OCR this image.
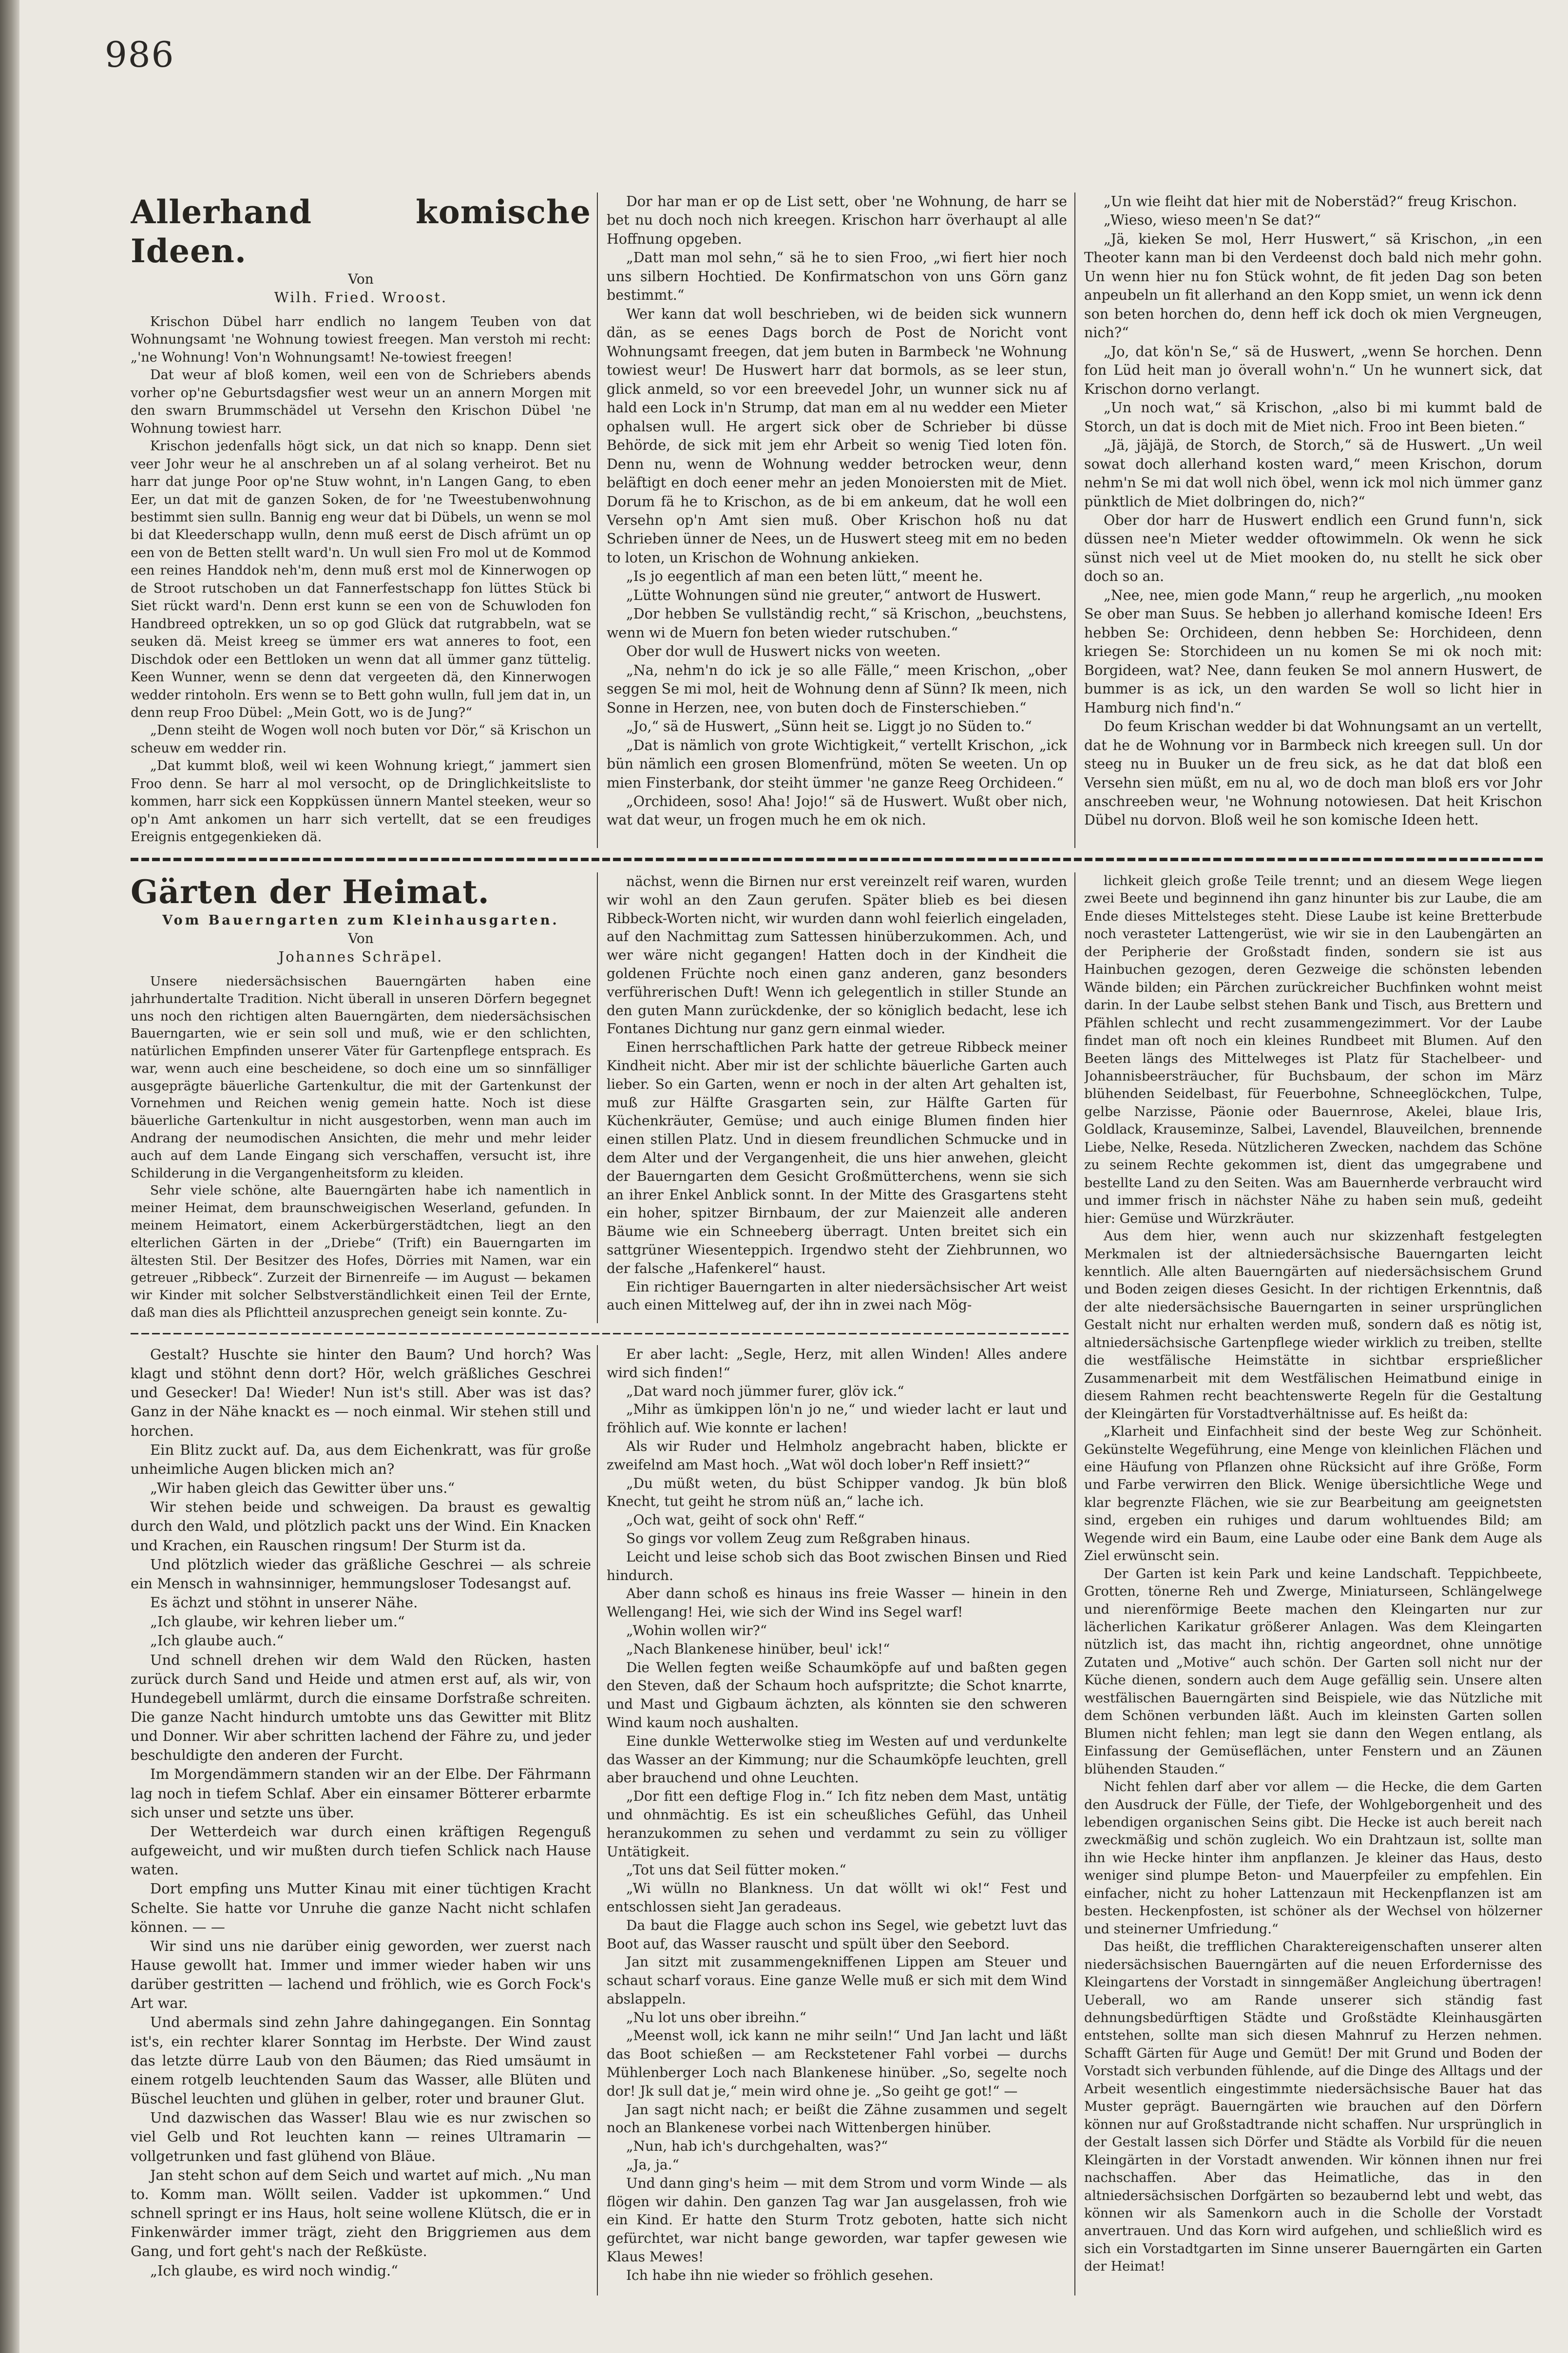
986

Allerhand komische Ideen.

Von

Wilh. Fried. Wroost.

Krischon Dübel harr endlich no langem Teuben von dat Wohnungsamt 'ne Wohnung towiest freegen. Man verstoh mi recht: „'ne Wohnung! Von'n Wohnungsamt! Ne-towiest freegen!

Dat weur af bloß komen, weil een von de Schriebers abends vorher op'ne Geburtsdagsfier west weur un an annern Morgen mit den swarn Brummschädel ut Versehn den Krischon Dübel 'ne Wohnung towiest harr.

Krischon jedenfalls högt sick, un dat nich so knapp. Denn siet veer Johr weur he al anschreben un af al solang verheirot. Bet nu harr dat junge Poor op'ne Stuw wohnt, in'n Langen Gang, to eben Eer, un dat mit de ganzen Soken, de for 'ne Tweestubenwohnung bestimmt sien sulln. Bannig eng weur dat bi Dübels, un wenn se mol bi dat Kleederschapp wulln, denn muß eerst de Disch afrümt un op een von de Betten stellt ward'n. Un wull sien Fro mol ut de Kommod een reines Handdok neh'm, denn muß erst mol de Kinnerwogen op de Stroot rutschoben un dat Fannerfestschapp fon lüttes Stück bi Siet rückt ward'n. Denn erst kunn se een von de Schuwloden fon Handbreed optrekken, un so op god Glück dat rutgrabbeln, wat se seuken dä. Meist kreeg se ümmer ers wat anneres to foot, een Dischdok oder een Bettloken un wenn dat all ümmer ganz tüttelig. Keen Wunner, wenn se denn dat vergeeten dä, den Kinnerwogen wedder rintoholn. Ers wenn se to Bett gohn wulln, full jem dat in, un denn reup Froo Dübel: „Mein Gott, wo is de Jung?“

„Denn steiht de Wogen woll noch buten vor Dör,“ sä Krischon un scheuw em wedder rin.

„Dat kummt bloß, weil wi keen Wohnung kriegt,“ jammert sien Froo denn. Se harr al mol versocht, op de Dringlichkeitsliste to kommen, harr sick een Koppküssen ünnern Mantel steeken, weur so op'n Amt ankomen un harr sich vertellt, dat se een freudiges Ereignis entgegenkieken dä.

Dor har man er op de List sett, ober 'ne Wohnung, de harr se bet nu doch noch nich kreegen. Krischon harr överhaupt al alle Hoffnung opgeben.

„Datt man mol sehn,“ sä he to sien Froo, „wi fiert hier noch uns silbern Hochtied. De Konfirmatschon von uns Görn ganz bestimmt.“

Wer kann dat woll beschrieben, wi de beiden sick wunnern dän, as se eenes Dags borch de Post de Noricht vont Wohnungsamt freegen, dat jem buten in Barmbeck 'ne Wohnung towiest weur! De Huswert harr dat bormols, as se leer stun, glick anmeld, so vor een breevedel Johr, un wunner sick nu af hald een Lock in'n Strump, dat man em al nu wedder een Mieter ophalsen wull. He argert sick ober de Schrieber bi düsse Behörde, de sick mit jem ehr Arbeit so wenig Tied loten fön. Denn nu, wenn de Wohnung wedder betrocken weur, denn beläftigt en doch eener mehr an jeden Monoiersten mit de Miet. Dorum fä he to Krischon, as de bi em ankeum, dat he woll een Versehn op'n Amt sien muß. Ober Krischon hoß nu dat Schrieben ünner de Nees, un de Huswert steeg mit em no beden to loten, un Krischon de Wohnung ankieken.

„Is jo eegentlich af man een beten lütt,“ meent he.

„Lütte Wohnungen sünd nie greuter,“ antwort de Huswert.

„Dor hebben Se vullständig recht,“ sä Krischon, „beuchstens, wenn wi de Muern fon beten wieder rutschuben.“

Ober dor wull de Huswert nicks von weeten.

„Na, nehm'n do ick je so alle Fälle,“ meen Krischon, „ober seggen Se mi mol, heit de Wohnung denn af Sünn? Ik meen, nich Sonne in Herzen, nee, von buten doch de Finsterschieben.“

„Jo,“ sä de Huswert, „Sünn heit se. Liggt jo no Süden to.“

„Dat is nämlich von grote Wichtigkeit,“ vertellt Krischon, „ick bün nämlich een grosen Blomenfründ, möten Se weeten. Un op mien Finsterbank, dor steiht ümmer 'ne ganze Reeg Orchideen.“

„Orchideen, soso! Aha! Jojo!“ sä de Huswert. Wußt ober nich, wat dat weur, un frogen much he em ok nich.

„Un wie fleiht dat hier mit de Noberstäd?“ freug Krischon.

„Wieso, wieso meen'n Se dat?“

„Jä, kieken Se mol, Herr Huswert,“ sä Krischon, „in een Theoter kann man bi den Verdeenst doch bald nich mehr gohn. Un wenn hier nu fon Stück wohnt, de fit jeden Dag son beten anpeubeln un fit allerhand an den Kopp smiet, un wenn ick denn son beten horchen do, denn heff ick doch ok mien Vergneugen, nich?“

„Jo, dat kön'n Se,“ sä de Huswert, „wenn Se horchen. Denn fon Lüd heit man jo överall wohn'n.“ Un he wunnert sick, dat Krischon dorno verlangt.

„Un noch wat,“ sä Krischon, „also bi mi kummt bald de Storch, un dat is doch mit de Miet nich. Froo int Been bieten.“

„Jä, jäjäjä, de Storch, de Storch,“ sä de Huswert. „Un weil sowat doch allerhand kosten ward,“ meen Krischon, dorum nehm'n Se mi dat woll nich öbel, wenn ick mol nich ümmer ganz pünktlich de Miet dolbringen do, nich?“

Ober dor harr de Huswert endlich een Grund funn'n, sick düssen nee'n Mieter wedder oftowimmeln. Ok wenn he sick sünst nich veel ut de Miet mooken do, nu stellt he sick ober doch so an.

„Nee, nee, mien gode Mann,“ reup he argerlich, „nu mooken Se ober man Suus. Se hebben jo allerhand komische Ideen! Ers hebben Se: Orchideen, denn hebben Se: Horchideen, denn kriegen Se: Storchideen un nu komen Se mi ok noch mit: Borgideen, wat? Nee, dann feuken Se mol annern Huswert, de bummer is as ick, un den warden Se woll so licht hier in Hamburg nich find'n.“

Do feum Krischan wedder bi dat Wohnungsamt an un vertellt, dat he de Wohnung vor in Barmbeck nich kreegen sull. Un dor steeg nu in Buuker un de freu sick, as he dat dat bloß een Versehn sien müßt, em nu al, wo de doch man bloß ers vor Johr anschreeben weur, 'ne Wohnung notowiesen. Dat heit Krischon Dübel nu dorvon. Bloß weil he son komische Ideen hett.

Gärten der Heimat.

Vom Bauerngarten zum Kleinhausgarten.

Von

Johannes Schräpel.

Unsere niedersächsischen Bauerngärten haben eine jahrhundertalte Tradition. Nicht überall in unseren Dörfern begegnet uns noch den richtigen alten Bauerngärten, dem niedersächsischen Bauerngarten, wie er sein soll und muß, wie er den schlichten, natürlichen Empfinden unserer Väter für Gartenpflege entsprach. Es war, wenn auch eine bescheidene, so doch eine um so sinnfälliger ausgeprägte bäuerliche Gartenkultur, die mit der Gartenkunst der Vornehmen und Reichen wenig gemein hatte. Noch ist diese bäuerliche Gartenkultur in nicht ausgestorben, wenn man auch im Andrang der neumodischen Ansichten, die mehr und mehr leider auch auf dem Lande Eingang sich verschaffen, versucht ist, ihre Schilderung in die Vergangenheitsform zu kleiden.

Sehr viele schöne, alte Bauerngärten habe ich namentlich in meiner Heimat, dem braunschweigischen Weserland, gefunden. In meinem Heimatort, einem Ackerbürgerstädtchen, liegt an den elterlichen Gärten in der „Driebe“ (Trift) ein Bauerngarten im ältesten Stil. Der Besitzer des Hofes, Dörries mit Namen, war ein getreuer „Ribbeck“. Zurzeit der Birnenreife — im August — bekamen wir Kinder mit solcher Selbstverständlichkeit einen Teil der Ernte, daß man dies als Pflichtteil anzusprechen geneigt sein konnte. Zu-

nächst, wenn die Birnen nur erst vereinzelt reif waren, wurden wir wohl an den Zaun gerufen. Später blieb es bei diesen Ribbeck-Worten nicht, wir wurden dann wohl feierlich eingeladen, auf den Nachmittag zum Sattessen hinüberzukommen. Ach, und wer wäre nicht gegangen! Hatten doch in der Kindheit die goldenen Früchte noch einen ganz anderen, ganz besonders verführerischen Duft! Wenn ich gelegentlich in stiller Stunde an den guten Mann zurückdenke, der so königlich bedacht, lese ich Fontanes Dichtung nur ganz gern einmal wieder.

Einen herrschaftlichen Park hatte der getreue Ribbeck meiner Kindheit nicht. Aber mir ist der schlichte bäuerliche Garten auch lieber. So ein Garten, wenn er noch in der alten Art gehalten ist, muß zur Hälfte Grasgarten sein, zur Hälfte Garten für Küchenkräuter, Gemüse; und auch einige Blumen finden hier einen stillen Platz. Und in diesem freundlichen Schmucke und in dem Alter und der Vergangenheit, die uns hier anwehen, gleicht der Bauerngarten dem Gesicht Großmütterchens, wenn sie sich an ihrer Enkel Anblick sonnt. In der Mitte des Grasgartens steht ein hoher, spitzer Birnbaum, der zur Maienzeit alle anderen Bäume wie ein Schneeberg überragt. Unten breitet sich ein sattgrüner Wiesenteppich. Irgendwo steht der Ziehbrunnen, wo der falsche „Hafenkerel“ haust.

Ein richtiger Bauerngarten in alter niedersächsischer Art weist auch einen Mittelweg auf, der ihn in zwei nach Mög-

lichkeit gleich große Teile trennt; und an diesem Wege liegen zwei Beete und beginnend ihn ganz hinunter bis zur Laube, die am Ende dieses Mittelsteges steht. Diese Laube ist keine Bretterbude noch verasteter Lattengerüst, wie wir sie in den Laubengärten an der Peripherie der Großstadt finden, sondern sie ist aus Hainbuchen gezogen, deren Gezweige die schönsten lebenden Wände bilden; ein Pärchen zurückreicher Buchfinken wohnt meist darin. In der Laube selbst stehen Bank und Tisch, aus Brettern und Pfählen schlecht und recht zusammengezimmert. Vor der Laube findet man oft noch ein kleines Rundbeet mit Blumen. Auf den Beeten längs des Mittelweges ist Platz für Stachelbeer- und Johannisbeersträucher, für Buchsbaum, der schon im März blühenden Seidelbast, für Feuerbohne, Schneeglöckchen, Tulpe, gelbe Narzisse, Päonie oder Bauernrose, Akelei, blaue Iris, Goldlack, Krauseminze, Salbei, Lavendel, Blauveilchen, brennende Liebe, Nelke, Reseda. Nützlicheren Zwecken, nachdem das Schöne zu seinem Rechte gekommen ist, dient das umgegrabene und bestellte Land zu den Seiten. Was am Bauernherde verbraucht wird und immer frisch in nächster Nähe zu haben sein muß, gedeiht hier: Gemüse und Würzkräuter.

Aus dem hier, wenn auch nur skizzenhaft festgelegten Merkmalen ist der altniedersächsische Bauerngarten leicht kenntlich. Alle alten Bauerngärten auf niedersächsischem Grund und Boden zeigen dieses Gesicht. In der richtigen Erkenntnis, daß der alte niedersächsische Bauerngarten in seiner ursprünglichen Gestalt nicht nur erhalten werden muß, sondern daß es nötig ist, altniedersächsische Gartenpflege wieder wirklich zu treiben, stellte die westfälische Heimstätte in sichtbar ersprießlicher Zusammenarbeit mit dem Westfälischen Heimatbund einige in diesem Rahmen recht beachtenswerte Regeln für die Gestaltung der Kleingärten für Vorstadtverhältnisse auf. Es heißt da:

„Klarheit und Einfachheit sind der beste Weg zur Schönheit. Gekünstelte Wegeführung, eine Menge von kleinlichen Flächen und eine Häufung von Pflanzen ohne Rücksicht auf ihre Größe, Form und Farbe verwirren den Blick. Wenige übersichtliche Wege und klar begrenzte Flächen, wie sie zur Bearbeitung am geeignetsten sind, ergeben ein ruhiges und darum wohltuendes Bild; am Wegende wird ein Baum, eine Laube oder eine Bank dem Auge als Ziel erwünscht sein.

Der Garten ist kein Park und keine Landschaft. Teppichbeete, Grotten, tönerne Reh und Zwerge, Miniaturseen, Schlängelwege und nierenförmige Beete machen den Kleingarten nur zur lächerlichen Karikatur größerer Anlagen. Was dem Kleingarten nützlich ist, das macht ihn, richtig angeordnet, ohne unnötige Zutaten und „Motive“ auch schön. Der Garten soll nicht nur der Küche dienen, sondern auch dem Auge gefällig sein. Unsere alten westfälischen Bauerngärten sind Beispiele, wie das Nützliche mit dem Schönen verbunden läßt. Auch im kleinsten Garten sollen Blumen nicht fehlen; man legt sie dann den Wegen entlang, als Einfassung der Gemüseflächen, unter Fenstern und an Zäunen blühenden Stauden.“

Nicht fehlen darf aber vor allem — die Hecke, die dem Garten den Ausdruck der Fülle, der Tiefe, der Wohlgeborgenheit und des lebendigen organischen Seins gibt. Die Hecke ist auch bereit nach zweckmäßig und schön zugleich. Wo ein Drahtzaun ist, sollte man ihn wie Hecke hinter ihm anpflanzen. Je kleiner das Haus, desto weniger sind plumpe Beton- und Mauerpfeiler zu empfehlen. Ein einfacher, nicht zu hoher Lattenzaun mit Heckenpflanzen ist am besten. Heckenpfosten, ist schöner als der Wechsel von hölzerner und steinerner Umfriedung.“

Das heißt, die trefflichen Charaktereigenschaften unserer alten niedersächsischen Bauerngärten auf die neuen Erfordernisse des Kleingartens der Vorstadt in sinngemäßer Angleichung übertragen! Ueberall, wo am Rande unserer sich ständig fast dehnungsbedürftigen Städte und Großstädte Kleinhausgärten entstehen, sollte man sich diesen Mahnruf zu Herzen nehmen. Schafft Gärten für Auge und Gemüt! Der mit Grund und Boden der Vorstadt sich verbunden fühlende, auf die Dinge des Alltags und der Arbeit wesentlich eingestimmte niedersächsische Bauer hat das Muster geprägt. Bauerngärten wie brauchen auf den Dörfern können nur auf Großstadtrande nicht schaffen. Nur ursprünglich in der Gestalt lassen sich Dörfer und Städte als Vorbild für die neuen Kleingärten in der Vorstadt anwenden. Wir können ihnen nur frei nachschaffen. Aber das Heimatliche, das in den altniedersächsischen Dorfgärten so bezaubernd lebt und webt, das können wir als Samenkorn auch in die Scholle der Vorstadt anvertrauen. Und das Korn wird aufgehen, und schließlich wird es sich ein Vorstadtgarten im Sinne unserer Bauerngärten ein Garten der Heimat!

Gestalt? Huschte sie hinter den Baum? Und horch? Was klagt und stöhnt denn dort? Hör, welch gräßliches Geschrei und Gesecker! Da! Wieder! Nun ist's still. Aber was ist das? Ganz in der Nähe knackt es — noch einmal. Wir stehen still und horchen.

Ein Blitz zuckt auf. Da, aus dem Eichenkratt, was für große unheimliche Augen blicken mich an?

„Wir haben gleich das Gewitter über uns.“

Wir stehen beide und schweigen. Da braust es gewaltig durch den Wald, und plötzlich packt uns der Wind. Ein Knacken und Krachen, ein Rauschen ringsum! Der Sturm ist da.

Und plötzlich wieder das gräßliche Geschrei — als schreie ein Mensch in wahnsinniger, hemmungsloser Todesangst auf.

Es ächzt und stöhnt in unserer Nähe.

„Ich glaube, wir kehren lieber um.“

„Ich glaube auch.“

Und schnell drehen wir dem Wald den Rücken, hasten zurück durch Sand und Heide und atmen erst auf, als wir, von Hundegebell umlärmt, durch die einsame Dorfstraße schreiten. Die ganze Nacht hindurch umtobte uns das Gewitter mit Blitz und Donner. Wir aber schritten lachend der Fähre zu, und jeder beschuldigte den anderen der Furcht.

Im Morgendämmern standen wir an der Elbe. Der Fährmann lag noch in tiefem Schlaf. Aber ein einsamer Bötterer erbarmte sich unser und setzte uns über.

Der Wetterdeich war durch einen kräftigen Regenguß aufgeweicht, und wir mußten durch tiefen Schlick nach Hause waten.

Dort empfing uns Mutter Kinau mit einer tüchtigen Kracht Schelte. Sie hatte vor Unruhe die ganze Nacht nicht schlafen können. — —

Wir sind uns nie darüber einig geworden, wer zuerst nach Hause gewollt hat. Immer und immer wieder haben wir uns darüber gestritten — lachend und fröhlich, wie es Gorch Fock's Art war.

Und abermals sind zehn Jahre dahingegangen. Ein Sonntag ist's, ein rechter klarer Sonntag im Herbste. Der Wind zaust das letzte dürre Laub von den Bäumen; das Ried umsäumt in einem rotgelb leuchtenden Saum das Wasser, alle Blüten und Büschel leuchten und glühen in gelber, roter und brauner Glut.

Und dazwischen das Wasser! Blau wie es nur zwischen so viel Gelb und Rot leuchten kann — reines Ultramarin — vollgetrunken und fast glühend von Bläue.

Jan steht schon auf dem Seich und wartet auf mich. „Nu man to. Komm man. Wöllt seilen. Vadder ist upkommen.“ Und schnell springt er ins Haus, holt seine wollene Klütsch, die er in Finkenwärder immer trägt, zieht den Briggriemen aus dem Gang, und fort geht's nach der Reßküste.

„Ich glaube, es wird noch windig.“

Er aber lacht: „Segle, Herz, mit allen Winden! Alles andere wird sich finden!“

„Dat ward noch jümmer furer, glöv ick.“

„Mihr as ümkippen lön'n jo ne,“ und wieder lacht er laut und fröhlich auf. Wie konnte er lachen!

Als wir Ruder und Helmholz angebracht haben, blickte er zweifelnd am Mast hoch. „Wat wöl doch lober'n Reff insiett?“

„Du müßt weten, du büst Schipper vandog. Jk bün bloß Knecht, tut geiht he strom nüß an,“ lache ich.

„Och wat, geiht of sock ohn' Reff.“

So gings vor vollem Zeug zum Reßgraben hinaus.

Leicht und leise schob sich das Boot zwischen Binsen und Ried hindurch.

Aber dann schoß es hinaus ins freie Wasser — hinein in den Wellengang! Hei, wie sich der Wind ins Segel warf!

„Wohin wollen wir?“

„Nach Blankenese hinüber, beul' ick!“

Die Wellen fegten weiße Schaumköpfe auf und baßten gegen den Steven, daß der Schaum hoch aufspritzte; die Schot knarrte, und Mast und Gigbaum ächzten, als könnten sie den schweren Wind kaum noch aushalten.

Eine dunkle Wetterwolke stieg im Westen auf und verdunkelte das Wasser an der Kimmung; nur die Schaumköpfe leuchten, grell aber brauchend und ohne Leuchten.

„Dor fitt een deftige Flog in.“ Ich fitz neben dem Mast, untätig und ohnmächtig. Es ist ein scheußliches Gefühl, das Unheil heranzukommen zu sehen und verdammt zu sein zu völliger Untätigkeit.

„Tot uns dat Seil fütter moken.“

„Wi wülln no Blankness. Un dat wöllt wi ok!“ Fest und entschlossen sieht Jan geradeaus.

Da baut die Flagge auch schon ins Segel, wie gebetzt luvt das Boot auf, das Wasser rauscht und spült über den Seebord.

Jan sitzt mit zusammengekniffenen Lippen am Steuer und schaut scharf voraus. Eine ganze Welle muß er sich mit dem Wind abslappeln.

„Nu lot uns ober ibreihn.“

„Meenst woll, ick kann ne mihr seiln!“ Und Jan lacht und läßt das Boot schießen — am Reckstetener Fahl vorbei — durchs Mühlenberger Loch nach Blankenese hinüber. „So, segelte noch dor! Jk sull dat je,“ mein wird ohne je. „So geiht ge got!“ —

Jan sagt nicht nach; er beißt die Zähne zusammen und segelt noch an Blankenese vorbei nach Wittenbergen hinüber.

„Nun, hab ich's durchgehalten, was?“

„Ja, ja.“

Und dann ging's heim — mit dem Strom und vorm Winde — als flögen wir dahin. Den ganzen Tag war Jan ausgelassen, froh wie ein Kind. Er hatte den Sturm Trotz geboten, hatte sich nicht gefürchtet, war nicht bange geworden, war tapfer gewesen wie Klaus Mewes!

Ich habe ihn nie wieder so fröhlich gesehen.
